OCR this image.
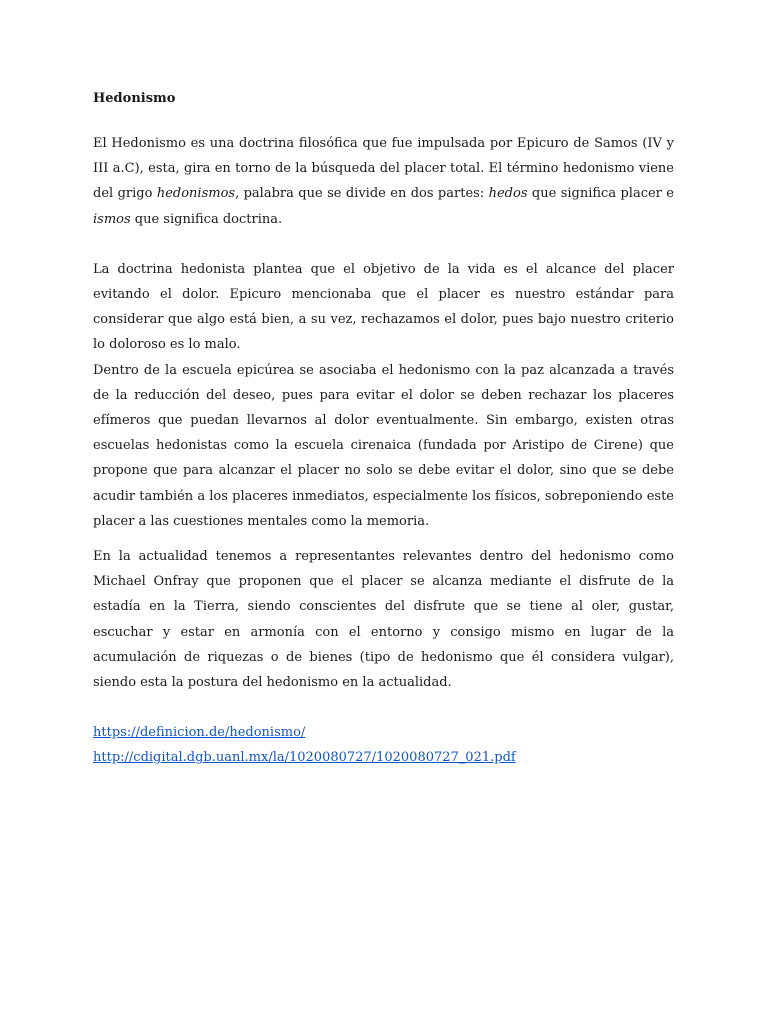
Hedonismo

El Hedonismo es una doctrina filosófica que fue impulsada por Epicuro de Samos (IV y III a.C), esta, gira en torno de la búsqueda del placer total. El término hedonismo viene del grigo hedonismos, palabra que se divide en dos partes: hedos que significa placer e ismos que significa doctrina.

La doctrina hedonista plantea que el objetivo de la vida es el alcance del placer evitando el dolor. Epicuro mencionaba que el placer es nuestro estándar para considerar que algo está bien, a su vez, rechazamos el dolor, pues bajo nuestro criterio lo doloroso es lo malo.

Dentro de la escuela epicúrea se asociaba el hedonismo con la paz alcanzada a través de la reducción del deseo, pues para evitar el dolor se deben rechazar los placeres efímeros que puedan llevarnos al dolor eventualmente. Sin embargo, existen otras escuelas hedonistas como la escuela cirenaica (fundada por Aristipo de Cirene) que propone que para alcanzar el placer no solo se debe evitar el dolor, sino que se debe acudir también a los placeres inmediatos, especialmente los físicos, sobreponiendo este placer a las cuestiones mentales como la memoria.

En la actualidad tenemos a representantes relevantes dentro del hedonismo como Michael Onfray que proponen que el placer se alcanza mediante el disfrute de la estadía en la Tierra, siendo conscientes del disfrute que se tiene al oler, gustar, escuchar y estar en armonía con el entorno y consigo mismo en lugar de la acumulación de riquezas o de bienes (tipo de hedonismo que él considera vulgar), siendo esta la postura del hedonismo en la actualidad.

https://definicion.de/hedonismo/
http://cdigital.dgb.uanl.mx/la/1020080727/1020080727_021.pdf
